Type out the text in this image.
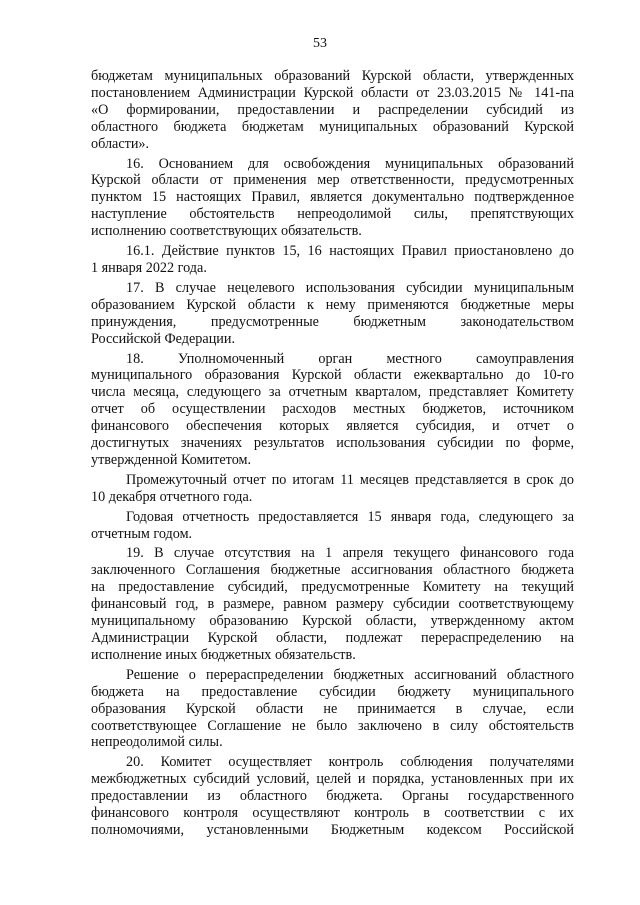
53
бюджетам муниципальных образований Курской области, утвержденных
постановлением Администрации Курской области от 23.03.2015 № 141-па
«О формировании, предоставлении и распределении субсидий из
областного бюджета бюджетам муниципальных образований Курской
области».
16. Основанием для освобождения муниципальных образований
Курской области от применения мер ответственности, предусмотренных
пунктом 15 настоящих Правил, является документально подтвержденное
наступление обстоятельств непреодолимой силы, препятствующих
исполнению соответствующих обязательств.
16.1. Действие пунктов 15, 16 настоящих Правил приостановлено до
1 января 2022 года.
17. В случае нецелевого использования субсидии муниципальным
образованием Курской области к нему применяются бюджетные меры
принуждения, предусмотренные бюджетным законодательством
Российской Федерации.
18. Уполномоченный орган местного самоуправления
муниципального образования Курской области ежеквартально до 10-го
числа месяца, следующего за отчетным кварталом, представляет Комитету
отчет об осуществлении расходов местных бюджетов, источником
финансового обеспечения которых является субсидия, и отчет о
достигнутых значениях результатов использования субсидии по форме,
утвержденной Комитетом.
Промежуточный отчет по итогам 11 месяцев представляется в срок до
10 декабря отчетного года.
Годовая отчетность предоставляется 15 января года, следующего за
отчетным годом.
19. В случае отсутствия на 1 апреля текущего финансового года
заключенного Соглашения бюджетные ассигнования областного бюджета
на предоставление субсидий, предусмотренные Комитету на текущий
финансовый год, в размере, равном размеру субсидии соответствующему
муниципальному образованию Курской области, утвержденному актом
Администрации Курской области, подлежат перераспределению на
исполнение иных бюджетных обязательств.
Решение о перераспределении бюджетных ассигнований областного
бюджета на предоставление субсидии бюджету муниципального
образования Курской области не принимается в случае, если
соответствующее Соглашение не было заключено в силу обстоятельств
непреодолимой силы.
20. Комитет осуществляет контроль соблюдения получателями
межбюджетных субсидий условий, целей и порядка, установленных при их
предоставлении из областного бюджета. Органы государственного
финансового контроля осуществляют контроль в соответствии с их
полномочиями, установленными Бюджетным кодексом Российской
